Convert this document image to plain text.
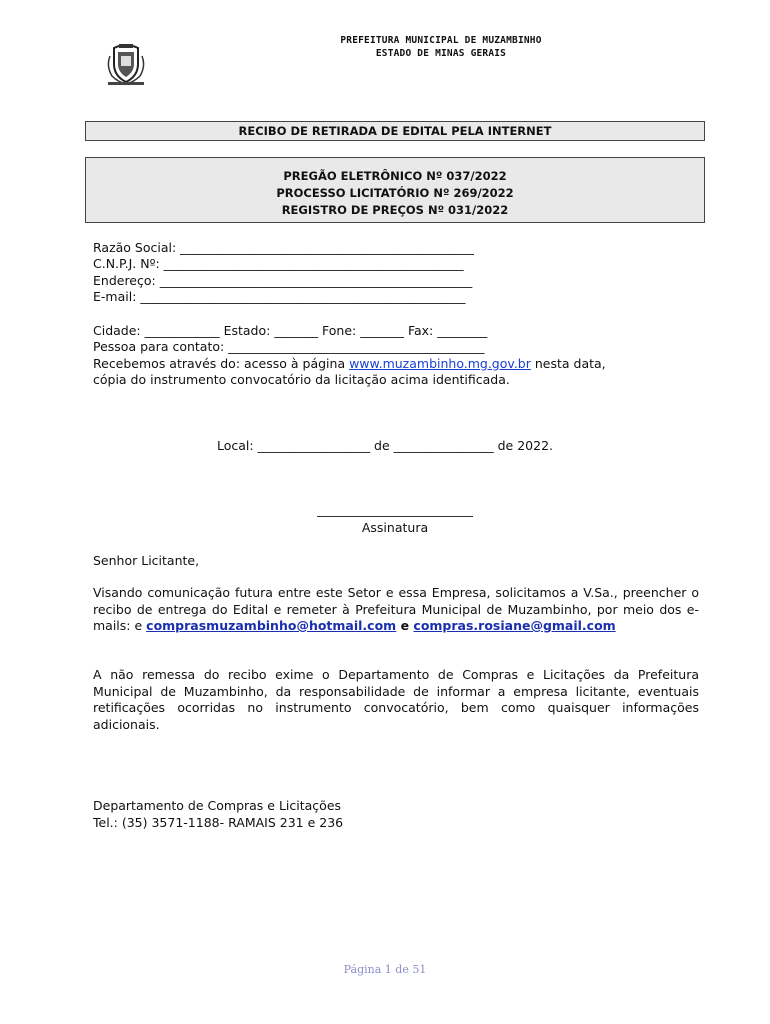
PREFEITURA MUNICIPAL DE MUZAMBINHO
ESTADO DE MINAS GERAIS
RECIBO DE RETIRADA DE EDITAL PELA INTERNET
PREGÃO ELETRÔNICO Nº 037/2022
PROCESSO LICITATÓRIO Nº 269/2022
REGISTRO DE PREÇOS Nº 031/2022
Razão Social: _______________________________________________
C.N.P.J. Nº: ________________________________________________
Endereço: __________________________________________________
E-mail: ____________________________________________________
Cidade: ____________ Estado: _______ Fone: _______ Fax: ________
Pessoa para contato: _________________________________________
Recebemos através do: acesso à página www.muzambinho.mg.gov.br nesta data,
cópia do instrumento convocatório da licitação acima identificada.
Local: __________________ de ________________ de 2022.
Assinatura
Senhor Licitante,
Visando comunicação futura entre este Setor e essa Empresa, solicitamos a V.Sa., preencher o recibo de entrega do Edital e remeter à Prefeitura Municipal de Muzambinho, por meio dos e-mails: e comprasmuzambinho@hotmail.com e compras.rosiane@gmail.com
A não remessa do recibo exime o Departamento de Compras e Licitações da Prefeitura Municipal de Muzambinho, da responsabilidade de informar a empresa licitante, eventuais retificações ocorridas no instrumento convocatório, bem como quaisquer informações adicionais.
Departamento de Compras e Licitações
Tel.: (35) 3571-1188- RAMAIS 231 e 236
Página 1 de 51
